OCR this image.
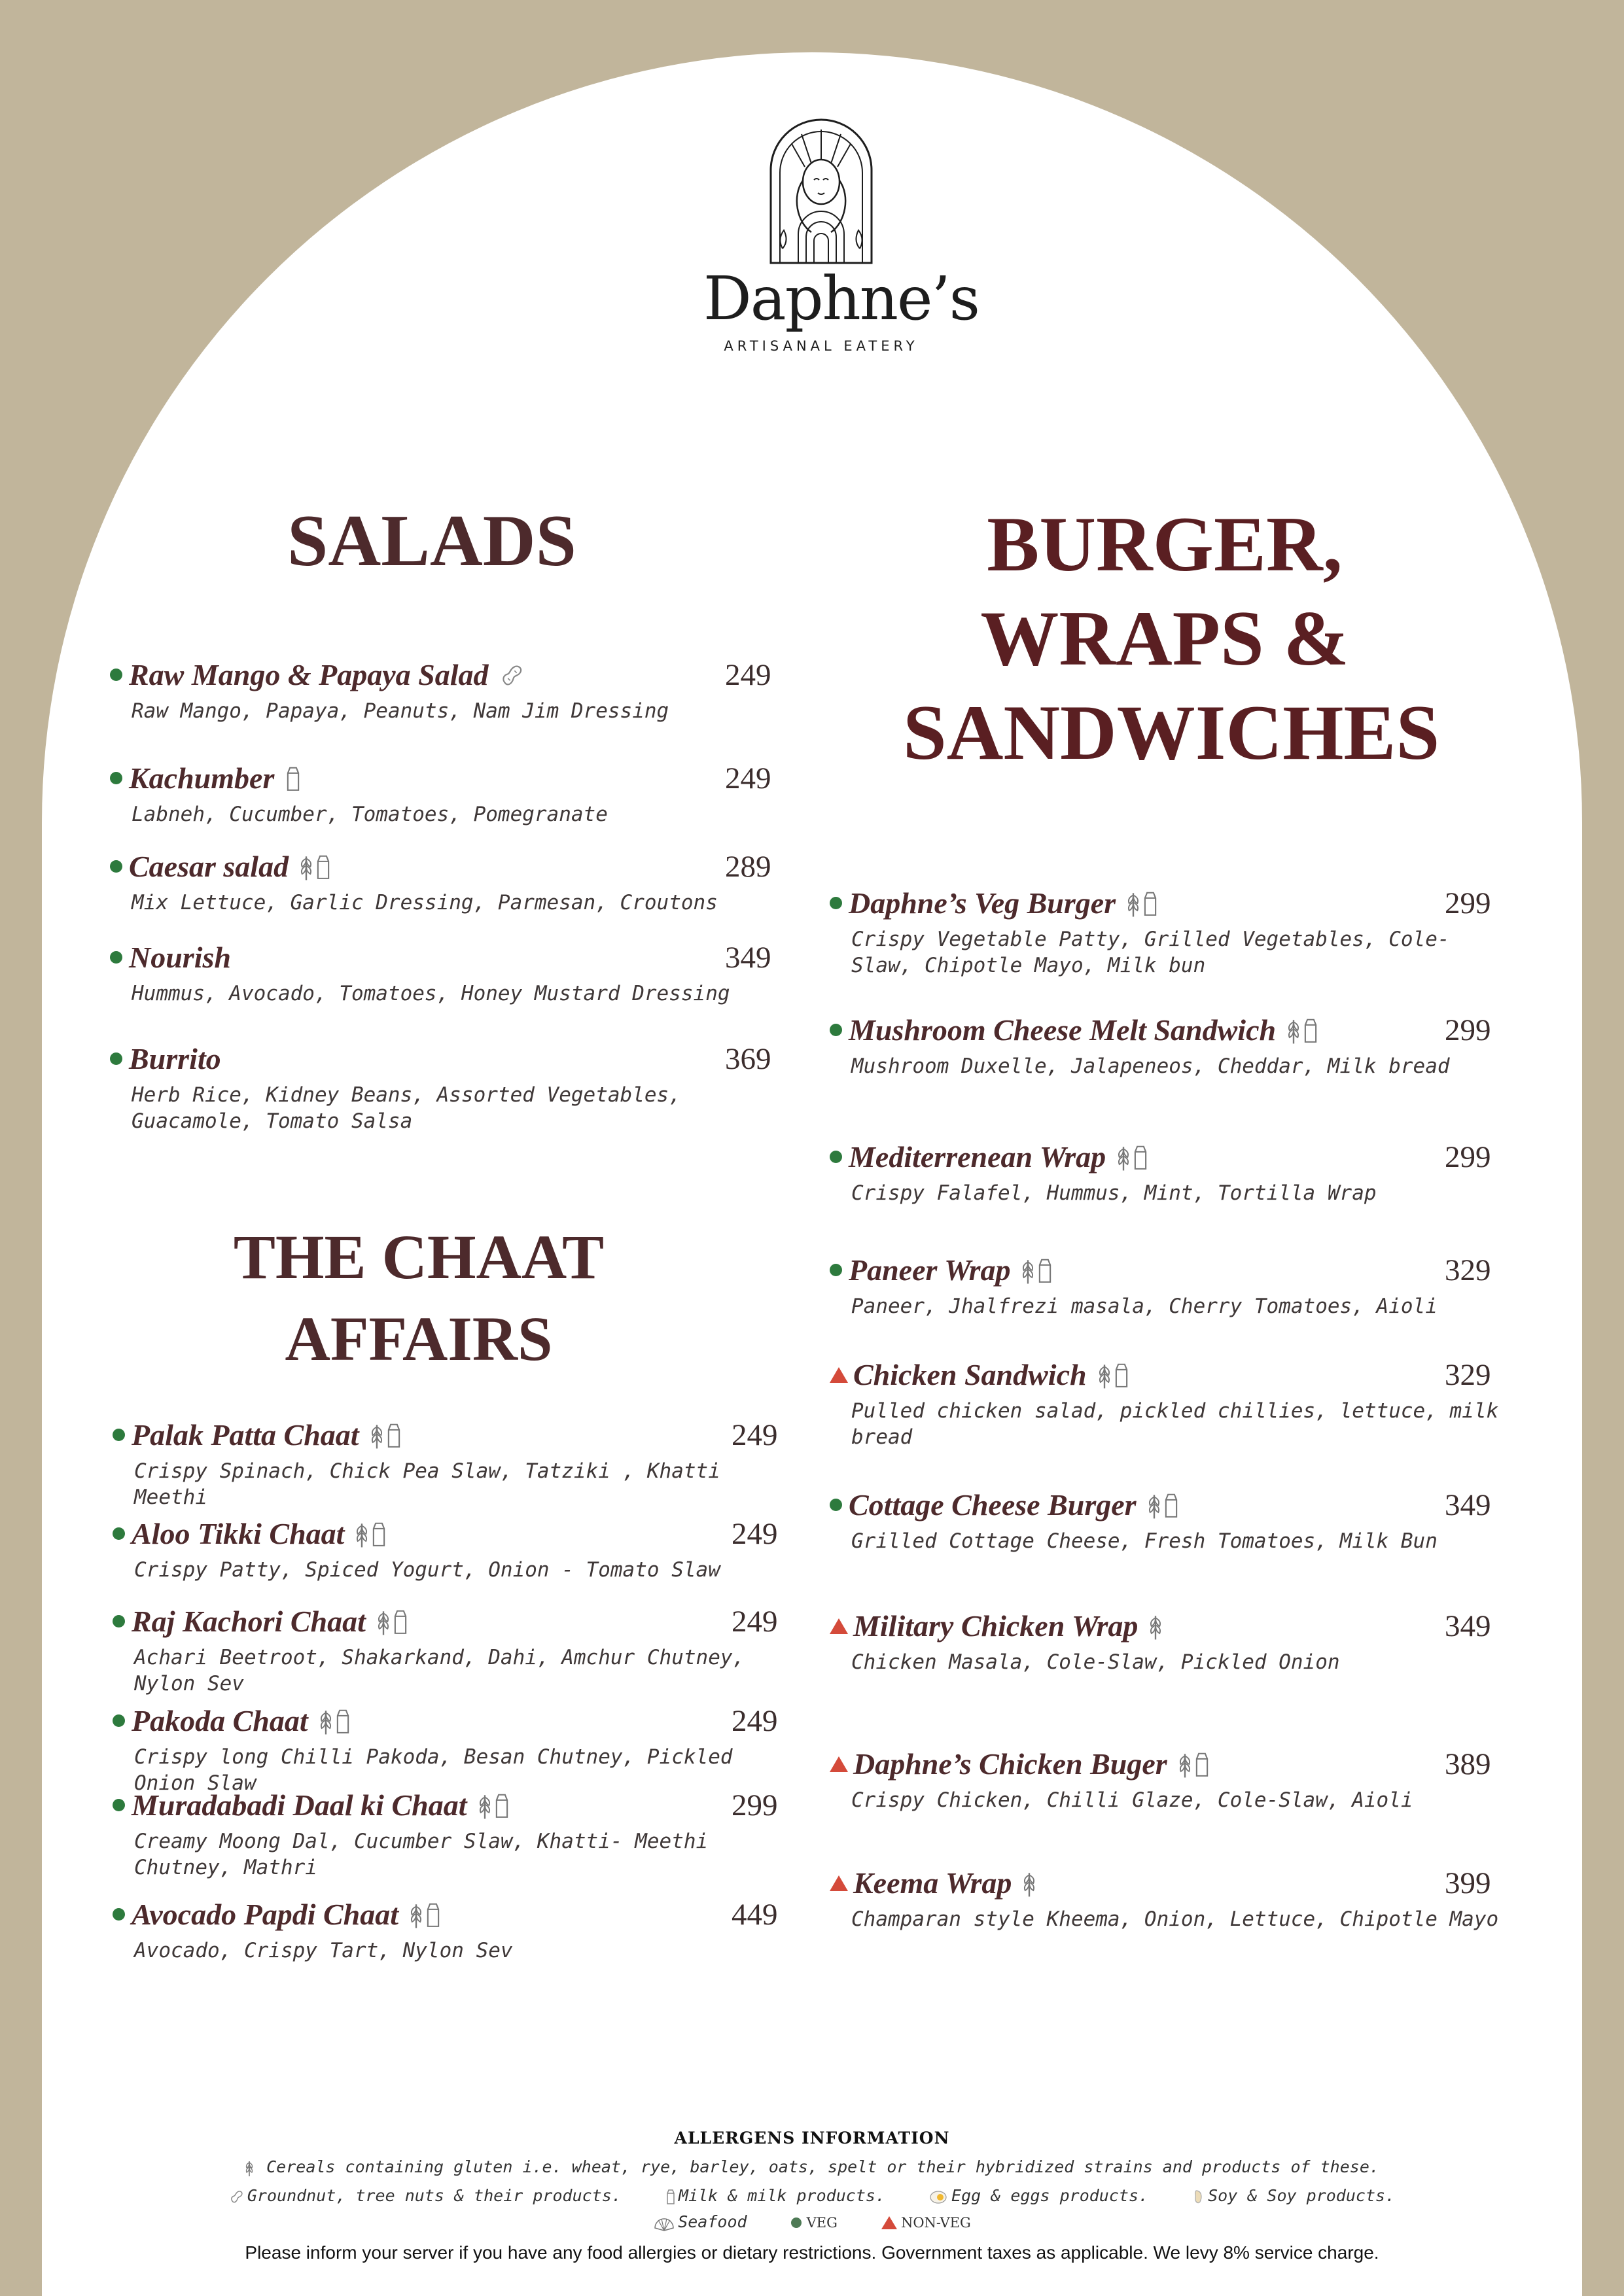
Daphne’s
ARTISANAL EATERY
SALADS
Raw Mango & Papaya Salad	249
Raw Mango, Papaya, Peanuts, Nam Jim Dressing
Kachumber	249
Labneh, Cucumber, Tomatoes, Pomegranate
Caesar salad	289
Mix Lettuce, Garlic Dressing, Parmesan, Croutons
Nourish	349
Hummus, Avocado, Tomatoes, Honey Mustard Dressing
Burrito	369
Herb Rice, Kidney Beans, Assorted Vegetables, Guacamole, Tomato Salsa
THE CHAAT
AFFAIRS
Palak Patta Chaat	249
Crispy Spinach, Chick Pea Slaw, Tatziki , Khatti Meethi
Aloo Tikki Chaat	249
Crispy Patty, Spiced Yogurt, Onion - Tomato Slaw
Raj Kachori Chaat	249
Achari Beetroot, Shakarkand, Dahi, Amchur Chutney, Nylon Sev
Pakoda Chaat	249
Crispy long Chilli Pakoda, Besan Chutney, Pickled Onion Slaw
Muradabadi Daal ki Chaat	299
Creamy Moong Dal, Cucumber Slaw, Khatti- Meethi Chutney, Mathri
Avocado Papdi Chaat	449
Avocado, Crispy Tart, Nylon Sev
BURGER,
WRAPS &
SANDWICHES
Daphne’s Veg Burger	299
Crispy Vegetable Patty, Grilled Vegetables, Cole-Slaw, Chipotle Mayo, Milk bun
Mushroom Cheese Melt Sandwich	299
Mushroom Duxelle, Jalapeneos, Cheddar, Milk bread
Mediterrenean Wrap	299
Crispy Falafel, Hummus, Mint, Tortilla Wrap
Paneer Wrap	329
Paneer, Jhalfrezi masala, Cherry Tomatoes, Aioli
Chicken Sandwich	329
Pulled chicken salad, pickled chillies, lettuce, milk bread
Cottage Cheese Burger	349
Grilled Cottage Cheese, Fresh Tomatoes, Milk Bun
Military Chicken Wrap	349
Chicken Masala, Cole-Slaw, Pickled Onion
Daphne’s Chicken Buger	389
Crispy Chicken, Chilli Glaze, Cole-Slaw, Aioli
Keema Wrap	399
Champaran style Kheema, Onion, Lettuce, Chipotle Mayo
ALLERGENS INFORMATION
Cereals containing gluten i.e. wheat, rye, barley, oats, spelt or their hybridized strains and products of these.
Groundnut, tree nuts & their products.	Milk & milk products.	Egg & eggs products.	Soy & Soy products.
Seafood	VEG	NON-VEG
Please inform your server if you have any food allergies or dietary restrictions. Government taxes as applicable. We levy 8% service charge.
